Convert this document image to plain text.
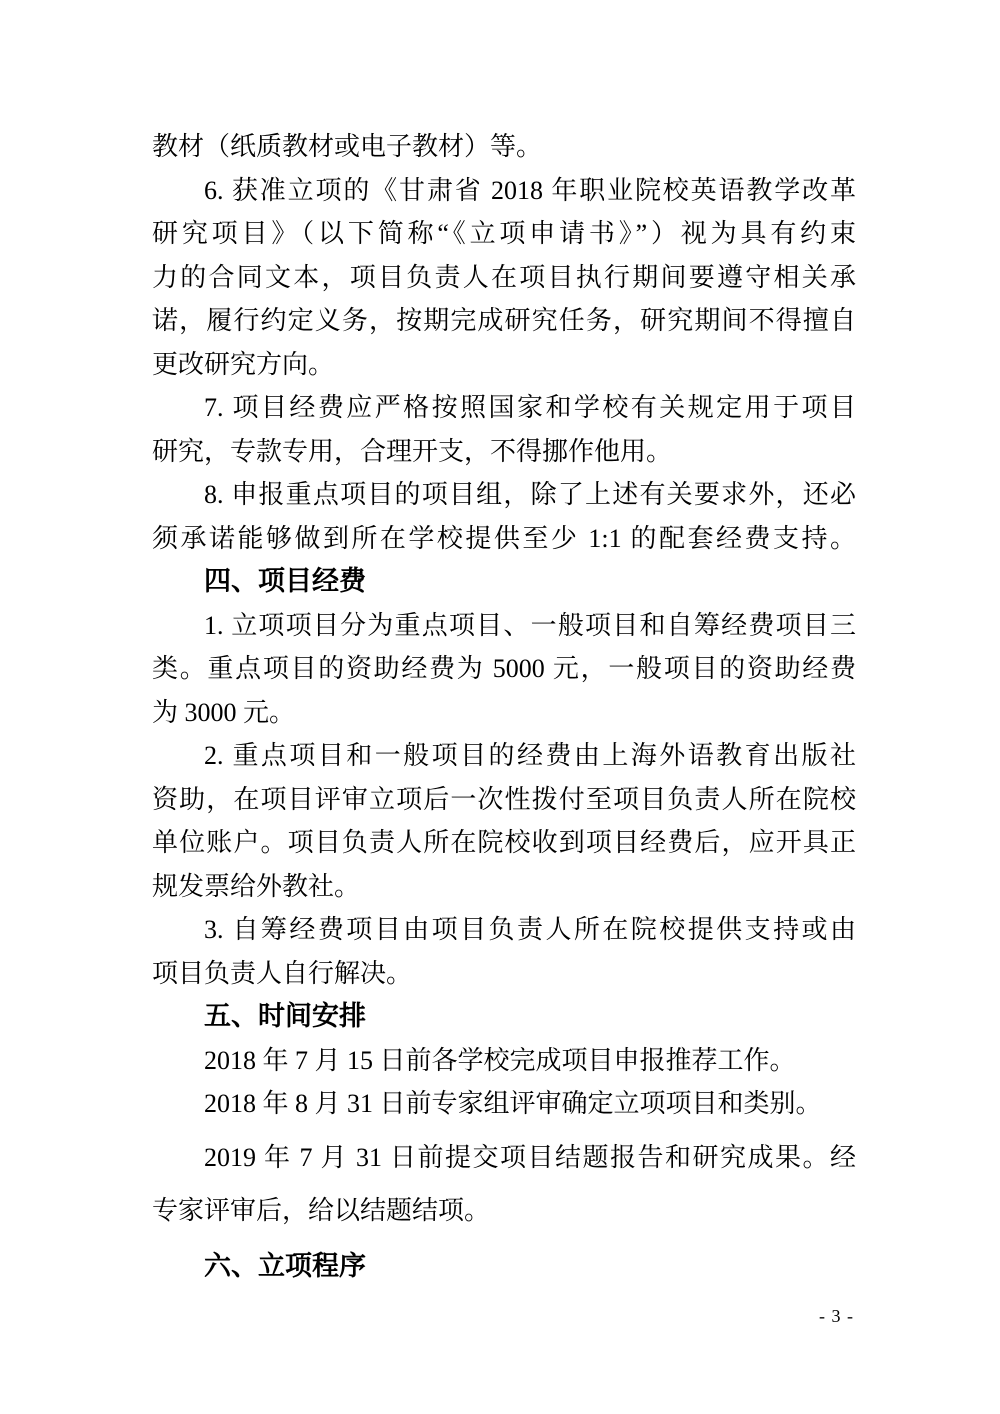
教材（纸质教材或电子教材）等。
6. 获准立项的《甘肃省 2018 年职业院校英语教学改革
研究项目》（以下简称“《立项申请书》”）视为具有约束
力的合同文本，项目负责人在项目执行期间要遵守相关承
诺，履行约定义务，按期完成研究任务，研究期间不得擅自
更改研究方向。
7. 项目经费应严格按照国家和学校有关规定用于项目
研究，专款专用，合理开支，不得挪作他用。
8. 申报重点项目的项目组，除了上述有关要求外，还必
须承诺能够做到所在学校提供至少 1:1 的配套经费支持。
四、项目经费
1. 立项项目分为重点项目、一般项目和自筹经费项目三
类。重点项目的资助经费为 5000 元，一般项目的资助经费
为 3000 元。
2. 重点项目和一般项目的经费由上海外语教育出版社
资助，在项目评审立项后一次性拨付至项目负责人所在院校
单位账户。项目负责人所在院校收到项目经费后，应开具正
规发票给外教社。
3. 自筹经费项目由项目负责人所在院校提供支持或由
项目负责人自行解决。
五、时间安排
2018 年 7 月 15 日前各学校完成项目申报推荐工作。
2018 年 8 月 31 日前专家组评审确定立项项目和类别。
2019 年 7 月 31 日前提交项目结题报告和研究成果。经
专家评审后，给以结题结项。
六、立项程序
- 3 -
